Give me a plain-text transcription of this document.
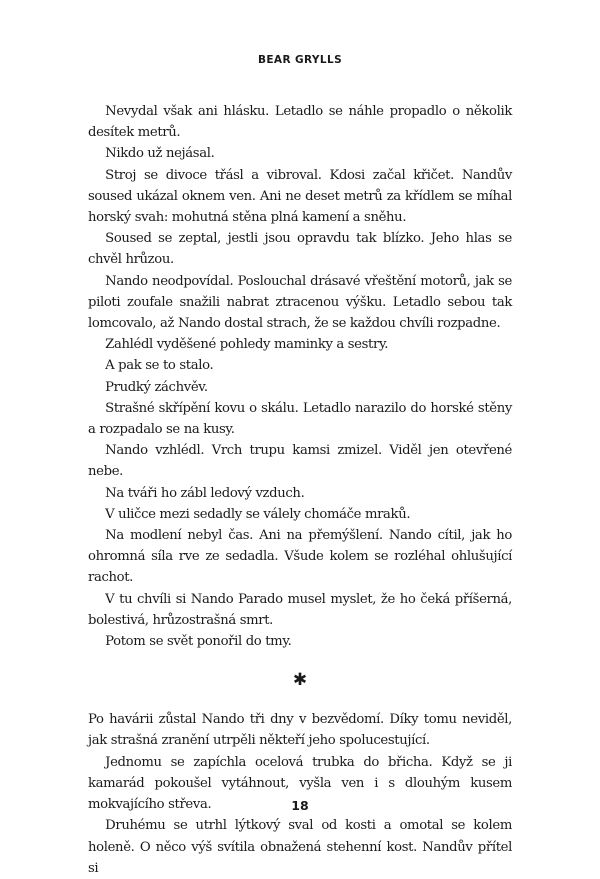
BEAR GRYLLS

Nevydal však ani hlásku. Letadlo se náhle propadlo o několik desítek metrů.

Nikdo už nejásal.

Stroj se divoce třásl a vibroval. Kdosi začal křičet. Nandův soused ukázal oknem ven. Ani ne deset metrů za křídlem se míhal horský svah: mohutná stěna plná kamení a sněhu.

Soused se zeptal, jestli jsou opravdu tak blízko. Jeho hlas se chvěl hrůzou.

Nando neodpovídal. Poslouchal drásavé vřeštění motorů, jak se piloti zoufale snažili nabrat ztracenou výšku. Letadlo sebou tak lomcovalo, až Nando dostal strach, že se každou chvíli rozpadne.

Zahlédl vyděšené pohledy maminky a sestry.

A pak se to stalo.

Prudký záchvěv.

Strašné skřípění kovu o skálu. Letadlo narazilo do horské stěny a rozpadalo se na kusy.

Nando vzhlédl. Vrch trupu kamsi zmizel. Viděl jen otevřené nebe.

Na tváři ho zábl ledový vzduch.

V uličce mezi sedadly se válely chomáče mraků.

Na modlení nebyl čas. Ani na přemýšlení. Nando cítil, jak ho ohromná síla rve ze sedadla. Všude kolem se rozléhal ohlušující rachot.

V tu chvíli si Nando Parado musel myslet, že ho čeká příšerná, bolestivá, hrůzostrašná smrt.

Potom se svět ponořil do tmy.

✱

Po havárii zůstal Nando tři dny v bezvědomí. Díky tomu neviděl, jak strašná zranění utrpěli někteří jeho spolucestující.

Jednomu se zapíchla ocelová trubka do břicha. Když se ji kamarád pokoušel vytáhnout, vyšla ven i s dlouhým kusem mokvajícího střeva.

Druhému se utrhl lýtkový sval od kosti a omotal se kolem holeně. O něco výš svítila obnažená stehenní kost. Nandův přítel si

18
